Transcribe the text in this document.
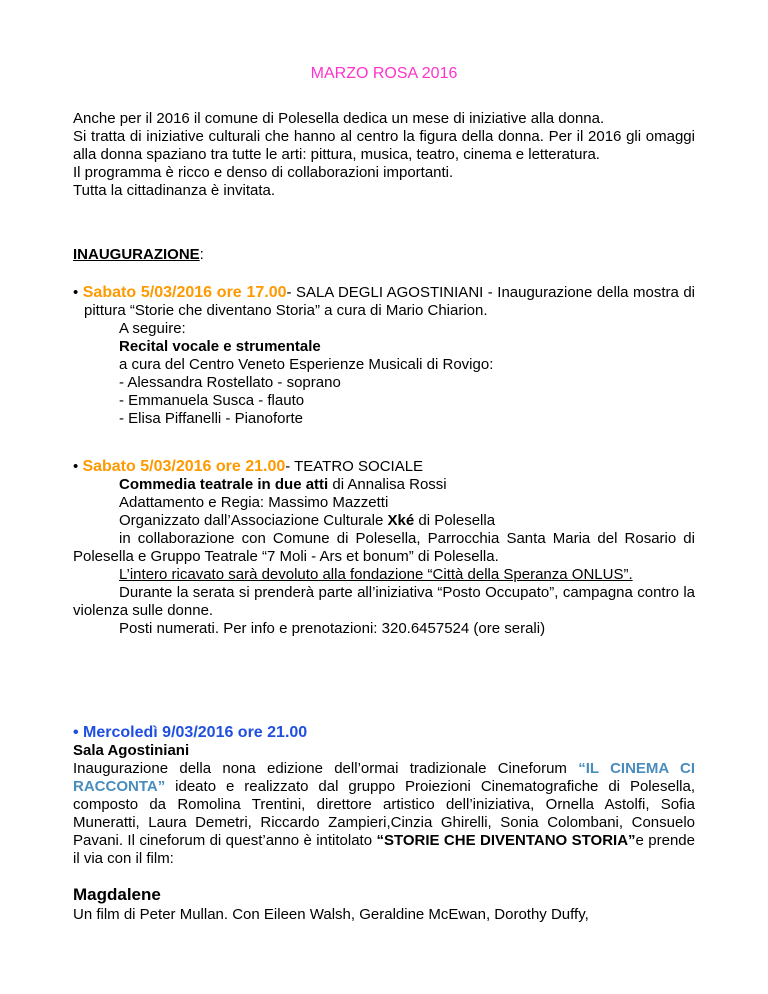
MARZO ROSA 2016

Anche per il 2016 il comune di Polesella dedica un mese di iniziative alla donna.

Si tratta di iniziative culturali che hanno al centro la figura della donna. Per il 2016 gli omaggi alla donna spaziano tra tutte le arti: pittura, musica, teatro, cinema e letteratura.

Il programma è ricco e denso di collaborazioni importanti.

Tutta la cittadinanza è invitata.

INAUGURAZIONE:

• Sabato 5/03/2016 ore 17.00- SALA DEGLI AGOSTINIANI - Inaugurazione della mostra di pittura “Storie che diventano Storia” a cura di Mario Chiarion.

A seguire:

Recital vocale e strumentale

a cura del Centro Veneto Esperienze Musicali di Rovigo:

- Alessandra Rostellato - soprano

- Emmanuela Susca - flauto

- Elisa Piffanelli - Pianoforte

• Sabato 5/03/2016 ore 21.00- TEATRO SOCIALE

Commedia teatrale in due atti di Annalisa Rossi

Adattamento e Regia: Massimo Mazzetti

Organizzato dall’Associazione Culturale Xké di Polesella

in collaborazione con Comune di Polesella, Parrocchia Santa Maria del Rosario di Polesella e Gruppo Teatrale “7 Moli - Ars et bonum” di Polesella.

L’intero ricavato sarà devoluto alla fondazione “Città della Speranza ONLUS”.

Durante la serata si prenderà parte all’iniziativa “Posto Occupato”, campagna contro la violenza sulle donne.

Posti numerati. Per info e prenotazioni: 320.6457524 (ore serali)

• Mercoledì 9/03/2016 ore 21.00

Sala Agostiniani

Inaugurazione della nona edizione dell’ormai tradizionale Cineforum “IL CINEMA CI RACCONTA” ideato e realizzato dal gruppo Proiezioni Cinematografiche di Polesella, composto da Romolina Trentini, direttore artistico dell’iniziativa, Ornella Astolfi, Sofia Muneratti, Laura Demetri, Riccardo Zampieri,Cinzia Ghirelli, Sonia Colombani, Consuelo Pavani. Il cineforum di quest’anno è intitolato “STORIE CHE DIVENTANO STORIA”e prende il via con il film:

Magdalene

Un film di Peter Mullan. Con Eileen Walsh, Geraldine McEwan, Dorothy Duffy,
